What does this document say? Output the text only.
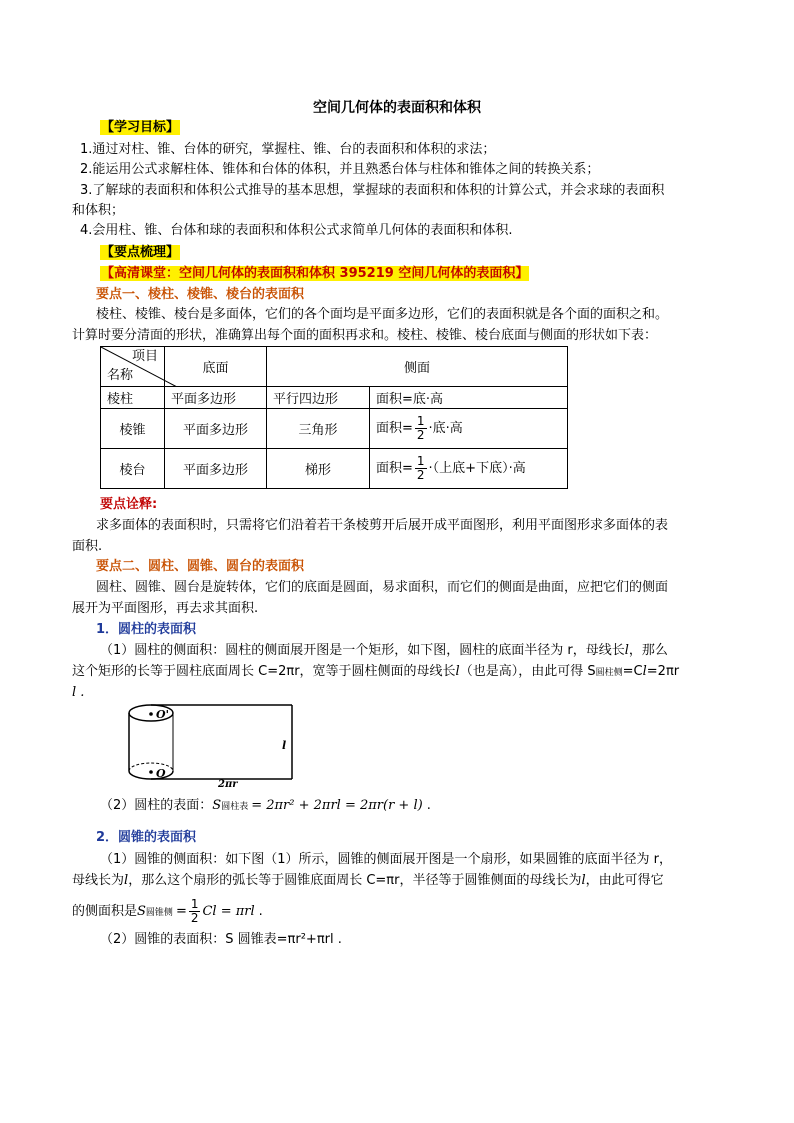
空间几何体的表面积和体积
【学习目标】
1.通过对柱、锥、台体的研究，掌握柱、锥、台的表面积和体积的求法；
2.能运用公式求解柱体、锥体和台体的体积，并且熟悉台体与柱体和锥体之间的转换关系；
3.了解球的表面积和体积公式推导的基本思想，掌握球的表面积和体积的计算公式，并会求球的表面积
和体积；
4.会用柱、锥、台体和球的表面积和体积公式求简单几何体的表面积和体积.
【要点梳理】
【高清课堂：空间几何体的表面积和体积 395219 空间几何体的表面积】
要点一、棱柱、棱锥、棱台的表面积
棱柱、棱锥、棱台是多面体，它们的各个面均是平面多边形，它们的表面积就是各个面的面积之和。
计算时要分清面的形状，准确算出每个面的面积再求和。棱柱、棱锥、棱台底面与侧面的形状如下表：
项目
名称	底面	侧面	
棱柱	平面多边形	平行四边形	面积=底·高
棱锥	平面多边形	三角形	面积= $\frac{1}{2}$ ·底·高
棱台	平面多边形	梯形	面积= $\frac{1}{2}$ ·（上底+下底）·高
要点诠释:
求多面体的表面积时，只需将它们沿着若干条棱剪开后展开成平面图形，利用平面图形求多面体的表
面积.
要点二、圆柱、圆锥、圆台的表面积
圆柱、圆锥、圆台是旋转体，它们的底面是圆面，易求面积，而它们的侧面是曲面，应把它们的侧面
展开为平面图形，再去求其面积.
1．圆柱的表面积
（1）圆柱的侧面积：圆柱的侧面展开图是一个矩形，如下图，圆柱的底面半径为 r，母线长l，那么
这个矩形的长等于圆柱底面周长 C=2πr，宽等于圆柱侧面的母线长l（也是高），由此可得 S圆柱侧=Cl=2πr
l .
O'
O
l
2πr
（2）圆柱的表面：S圆柱表 = 2πr² + 2πrl = 2πr(r + l) .
2．圆锥的表面积
（1）圆锥的侧面积：如下图（1）所示，圆锥的侧面展开图是一个扇形，如果圆锥的底面半径为 r，
母线长为l，那么这个扇形的弧长等于圆锥底面周长 C=πr，半径等于圆锥侧面的母线长为l，由此可得它
的侧面积是S圆锥侧 = $\frac{1}{2}$ Cl = πrl .
（2）圆锥的表面积：S 圆锥表=πr²+πrl .
